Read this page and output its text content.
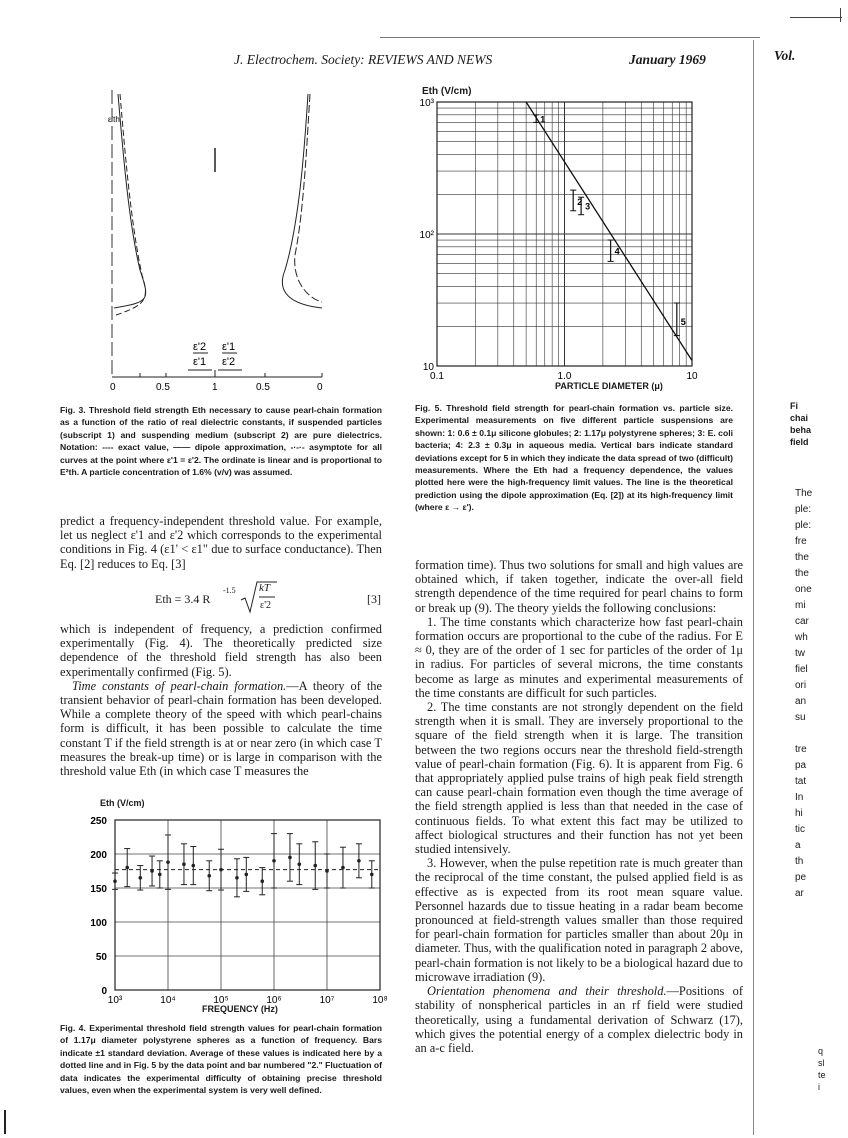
J. Electrochem. Society: REVIEWS AND NEWS	January 1969	Vol.
ε'th
ε'2
ε'1
ε'1
ε'2
0	0.5	1	0.5	0
Fig. 3. Threshold field strength Eth necessary to cause pearl-chain formation as a function of the ratio of real dielectric constants, if suspended particles (subscript 1) and suspending medium (subscript 2) are pure dielectrics. Notation: ---- exact value, —— dipole approximation, -·-·- asymptote for all curves at the point where ε'1 = ε'2. The ordinate is linear and is proportional to E²th. A particle concentration of 1.6% (v/v) was assumed.

predict a frequency-independent threshold value. For example, let us neglect ε'1 and ε'2 which corresponds to the experimental conditions in Fig. 4 (ε1' < ε1" due to surface conductance). Then Eq. [2] reduces to Eq. [3]

Eth = 3.4 R
-1.5 kT
ε'2	[3]

which is independent of frequency, a prediction confirmed experimentally (Fig. 4). The theoretically predicted size dependence of the threshold field strength has also been experimentally confirmed (Fig. 5).

Time constants of pearl-chain formation.—A theory of the transient behavior of pearl-chain formation has been developed. While a complete theory of the speed with which pearl-chains form is difficult, it has been possible to calculate the time constant T if the field strength is at or near zero (in which case T measures the break-up time) or is large in comparison with the threshold value Eth (in which case T measures the

Eth (V/cm)
0
50
100
150
200
250
10³	10⁴	10⁵	10⁶	10⁷	10⁸
FREQUENCY (Hz)
Fig. 4. Experimental threshold field strength values for pearl-chain formation of 1.17μ diameter polystyrene spheres as a function of frequency. Bars indicate ±1 standard deviation. Average of these values is indicated here by a dotted line and in Fig. 5 by the data point and bar numbered "2." Fluctuation of data indicates the experimental difficulty of obtaining precise threshold values, even when the experimental system is very well defined.
Eth (V/cm)
10
10²
10³
0.1	1.0	10
1
2 3
4
5
PARTICLE DIAMETER (μ)
Fig. 5. Threshold field strength for pearl-chain formation vs. particle size. Experimental measurements on five different particle suspensions are shown: 1: 0.6 ± 0.1μ silicone globules; 2: 1.17μ polystyrene spheres; 3: E. coli bacteria; 4: 2.3 ± 0.3μ in aqueous media. Vertical bars indicate standard deviations except for 5 in which they indicate the data spread of two (difficult) measurements. Where the Eth had a frequency dependence, the values plotted here were the high-frequency limit values. The line is the theoretical prediction using the dipole approximation (Eq. [2]) at its high-frequency limit (where ε → ε').

formation time). Thus two solutions for small and high values are obtained which, if taken together, indicate the over-all field strength dependence of the time required for pearl chains to form or break up (9). The theory yields the following conclusions:

1. The time constants which characterize how fast pearl-chain formation occurs are proportional to the cube of the radius. For E ≈ 0, they are of the order of 1 sec for particles of the order of 1μ in radius. For particles of several microns, the time constants become as large as minutes and experimental measurements of the time constants are difficult for such particles.

2. The time constants are not strongly dependent on the field strength when it is small. They are inversely proportional to the square of the field strength when it is large. The transition between the two regions occurs near the threshold field-strength value of pearl-chain formation (Fig. 6). It is apparent from Fig. 6 that appropriately applied pulse trains of high peak field strength can cause pearl-chain formation even though the time average of the field strength applied is less than that needed in the case of continuous fields. To what extent this fact may be utilized to affect biological structures and their function has not yet been studied intensively.

3. However, when the pulse repetition rate is much greater than the reciprocal of the time constant, the pulsed applied field is as effective as is expected from its root mean square value. Personnel hazards due to tissue heating in a radar beam become pronounced at field-strength values smaller than those required for pearl-chain formation for particles smaller than about 20μ in diameter. Thus, with the qualification noted in paragraph 2 above, pearl-chain formation is not likely to be a biological hazard due to microwave irradiation (9).

Orientation phenomena and their threshold.—Positions of stability of nonspherical particles in an rf field were studied theoretically, using a fundamental derivation of Schwarz (17), which gives the potential energy of a complex dielectric body in an a-c field.

Fi
chai
beha
field
The
ple:
ple:
fre
the
the
one
mi
car
wh
tw
fiel
ori
an
su

tre
pa
tat
In
hi
tic
a
th
pe
ar
q
sl
te
i
